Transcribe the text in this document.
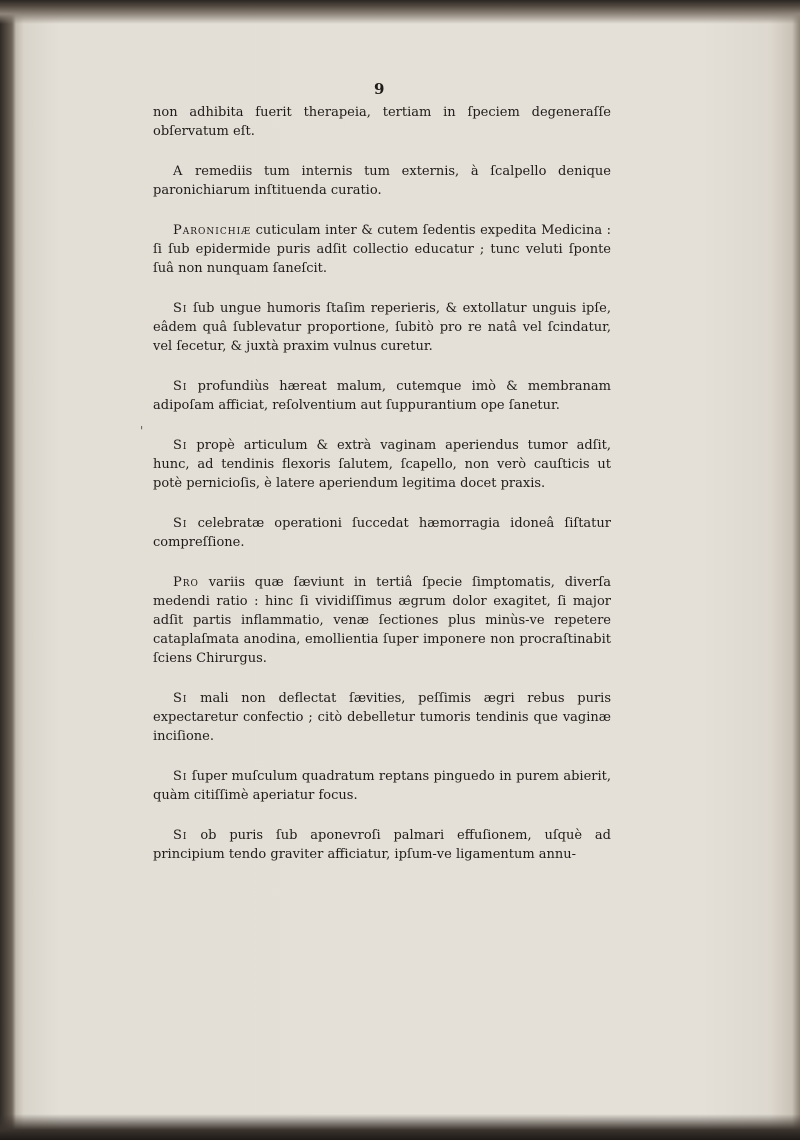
9
'

non adhibita fuerit therapeia, tertiam in ſpeciem degeneraſſe obſervatum eſt.

A remediis tum internis tum externis, à ſcalpello denique paronichiarum inſtituenda curatio.

Paronichiæ cuticulam inter & cutem ſedentis expedita Medicina : ſi ſub epidermide puris adſit collectio educatur ; tunc veluti ſponte ſuâ non nunquam ſaneſcit.

Si ſub ungue humoris ſtaſim reperieris, & extollatur unguis ipſe, eâdem quâ ſublevatur proportione, ſubitò pro re natâ vel ſcindatur, vel ſecetur, & juxtà praxim vulnus curetur.

Si profundiùs hæreat malum, cutemque imò & membranam adipoſam afficiat, reſolventium aut ſuppurantium ope ſanetur.

Si propè articulum & extrà vaginam aperiendus tumor adſit, hunc, ad tendinis flexoris ſalutem, ſcapello, non verò cauſticis ut potè pernicioſis, è latere aperiendum legitima docet praxis.

Si celebratæ operationi ſuccedat hæmorragia idoneâ ſiſtatur compreſſione.

Pro variis quæ ſæviunt in tertiâ ſpecie ſimptomatis, diverſa medendi ratio : hinc ſi vividiſſimus ægrum dolor exagitet, ſi major adſit partis inflammatio, venæ ſectiones plus minùs-ve repetere cataplaſmata anodina, emollientia ſuper imponere non procraſtinabit ſciens Chirurgus.

Si mali non deflectat ſævities, peſſimis ægri rebus puris expectaretur confectio ; citò debelletur tumoris tendinis que vaginæ inciſione.

Si ſuper muſculum quadratum reptans pinguedo in purem abierit, quàm citiſſimè aperiatur focus.

Si ob puris ſub aponevroſi palmari effuſionem, uſquè ad principium tendo graviter afficiatur, ipſum-ve ligamentum annu-
